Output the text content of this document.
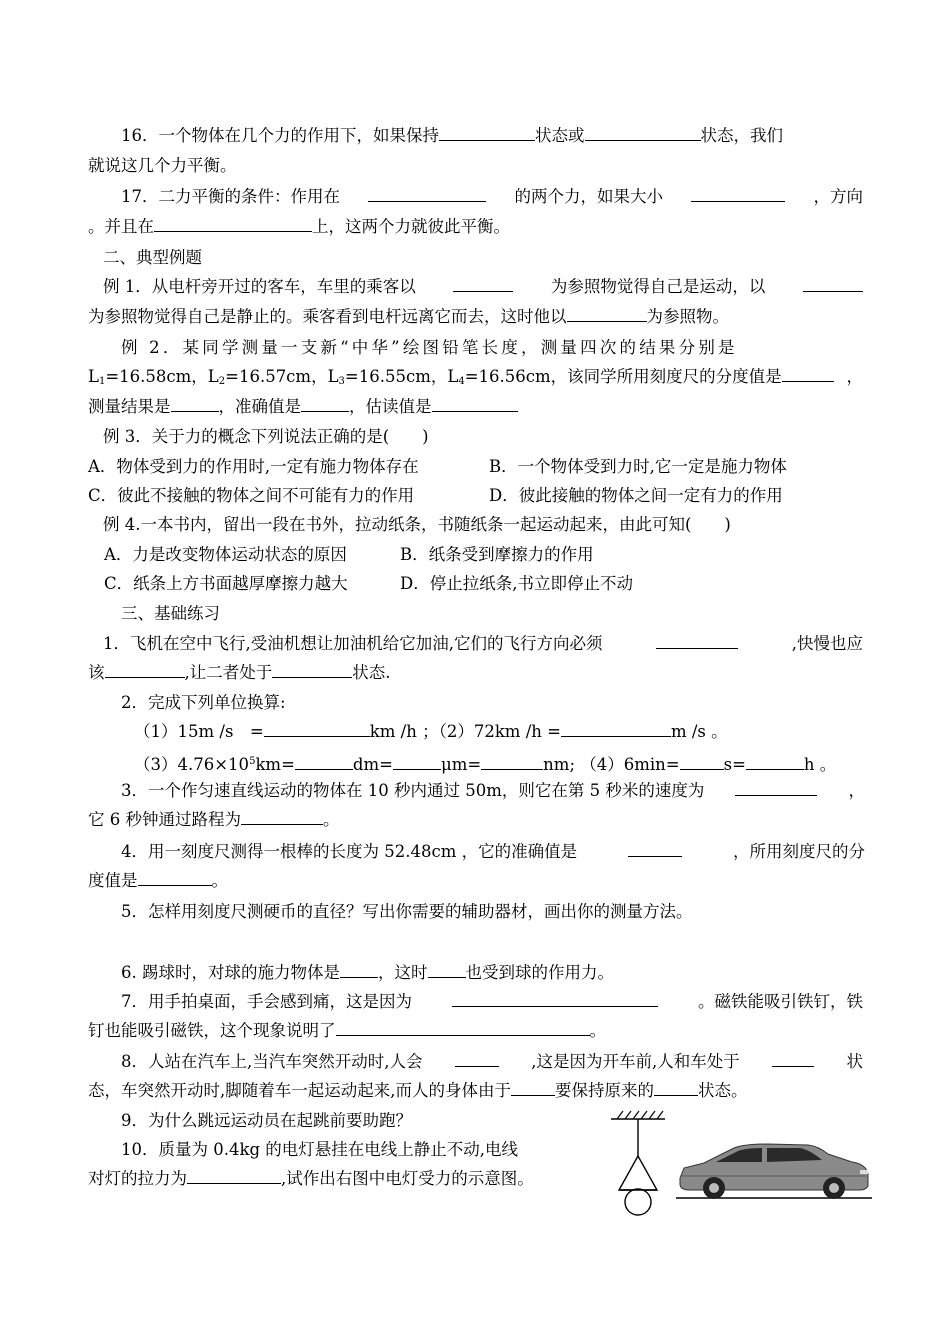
16．一个物体在几个力的作用下，如果保持	状态或	状态，我们
就说这几个力平衡。
17．二力平衡的条件：作用在	的两个力，如果大小	，方向
。并且在	上，这两个力就彼此平衡。
二、典型例题
例 1．从电杆旁开过的客车，车里的乘客以	为参照物觉得自己是运动，以
为参照物觉得自己是静止的。乘客看到电杆远离它而去，这时他以	为参照物。
例 2．某同学测量一支新“中华”绘图铅笔长度，测量四次的结果分别是
$L_1=16.58cm$，$L_2=16.57cm$，$L_3=16.55cm$，$L_4=16.56cm$，该同学所用刻度尺的分度值是	，
测量结果是	，准确值是	，估读值是
例 3．关于力的概念下列说法正确的是(　　)
A．物体受到力的作用时,一定有施力物体存在	B．一个物体受到力时,它一定是施力物体
C．彼此不接触的物体之间不可能有力的作用	D．彼此接触的物体之间一定有力的作用
例 4.一本书内，留出一段在书外，拉动纸条，书随纸条一起运动起来，由此可知(　　)
A．力是改变物体运动状态的原因	B．纸条受到摩擦力的作用
C．纸条上方书面越厚摩擦力越大	D．停止拉纸条,书立即停止不动
三、基础练习
1．飞机在空中飞行,受油机想让加油机给它加油,它们的飞行方向必须	,快慢也应
该	,让二者处于	状态.
2．完成下列单位换算:
（1）15m /s　=	km /h ；（2）72km /h =	m /s 。
$(3)4.76\times 10^5km=$	dm=	μm=	nm; （4）6min=	s=	h 。
3．一个作匀速直线运动的物体在 10 秒内通过 50m，则它在第 5 秒米的速度为	，
它 6 秒钟通过路程为	。
4．用一刻度尺测得一根棒的长度为 52.48cm ，它的准确值是	，所用刻度尺的分
度值是	。
5．怎样用刻度尺测硬币的直径？写出你需要的辅助器材，画出你的测量方法。
6. 踢球时，对球的施力物体是 ，这时 也受到球的作用力。
7．用手拍桌面，手会感到痛，这是因为	。磁铁能吸引铁钉，铁
钉也能吸引磁铁，这个现象说明了	。
8．人站在汽车上,当汽车突然开动时,人会	,这是因为开车前,人和车处于	状
态，车突然开动时,脚随着车一起运动起来,而人的身体由于	要保持原来的	状态。
9．为什么跳远运动员在起跳前要助跑？
10．质量为 0.4kg 的电灯悬挂在电线上静止不动,电线
对灯的拉力为	,试作出右图中电灯受力的示意图。
